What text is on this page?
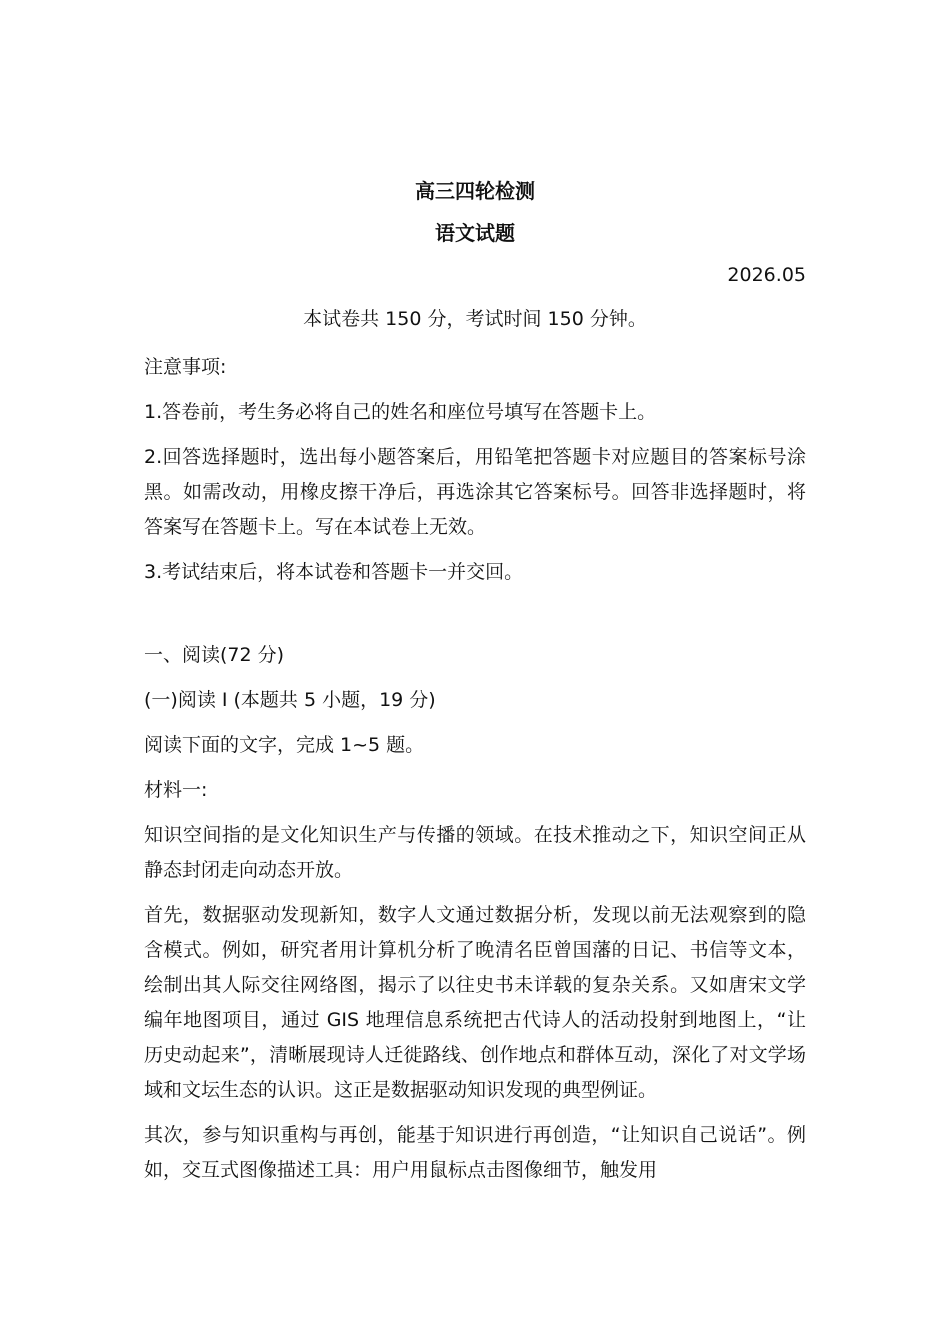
高三四轮检测

语文试题

2026.05

本试卷共 150 分，考试时间 150 分钟。

注意事项:

1.答卷前，考生务必将自己的姓名和座位号填写在答题卡上。

2.回答选择题时，选出每小题答案后，用铅笔把答题卡对应题目的答案标号涂黑。如需改动，用橡皮擦干净后，再选涂其它答案标号。回答非选择题时，将答案写在答题卡上。写在本试卷上无效。

3.考试结束后，将本试卷和答题卡一并交回。

一、阅读(72 分)

(一)阅读 I (本题共 5 小题，19 分)

阅读下面的文字，完成 1~5 题。

材料一:

知识空间指的是文化知识生产与传播的领域。在技术推动之下，知识空间正从静态封闭走向动态开放。

首先，数据驱动发现新知，数字人文通过数据分析，发现以前无法观察到的隐含模式。例如，研究者用计算机分析了晚清名臣曾国藩的日记、书信等文本，绘制出其人际交往网络图，揭示了以往史书未详载的复杂关系。又如唐宋文学编年地图项目，通过 GIS 地理信息系统把古代诗人的活动投射到地图上，“让历史动起来”，清晰展现诗人迁徙路线、创作地点和群体互动，深化了对文学场域和文坛生态的认识。这正是数据驱动知识发现的典型例证。

其次，参与知识重构与再创，能基于知识进行再创造，“让知识自己说话”。例如，交互式图像描述工具：用户用鼠标点击图像细节，触发用
